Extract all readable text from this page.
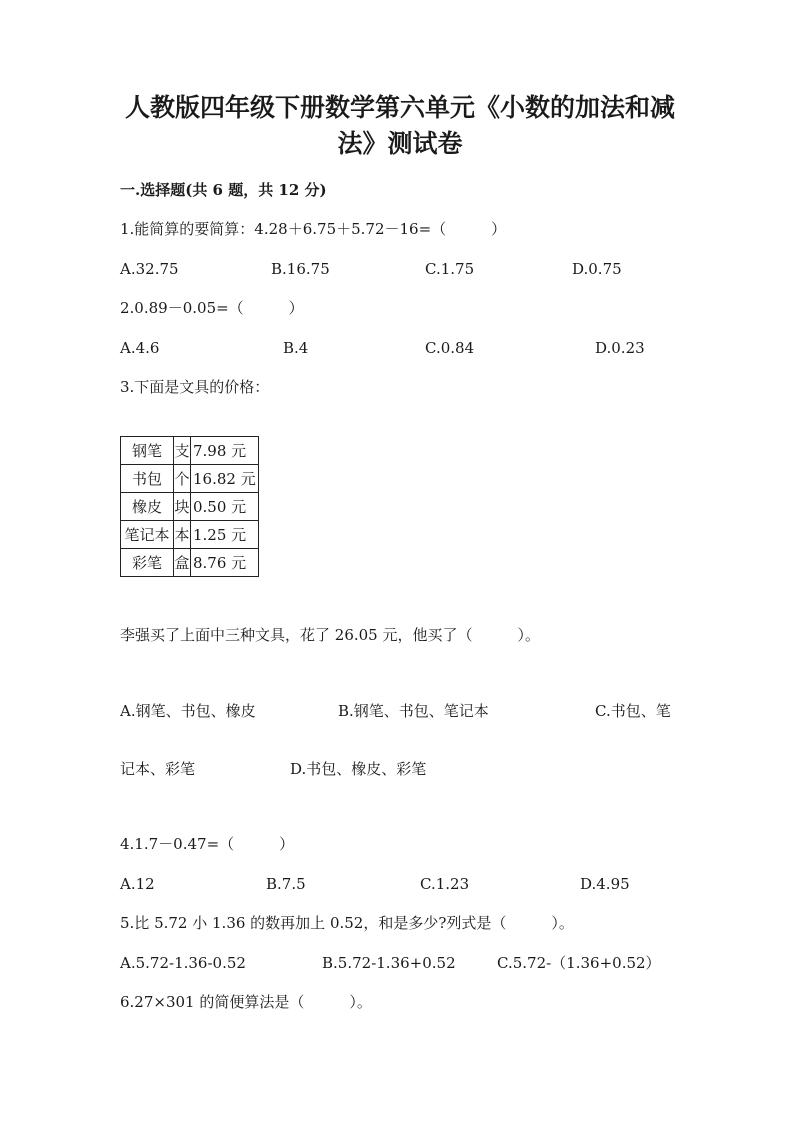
人教版四年级下册数学第六单元《小数的加法和减
法》测试卷
一.选择题(共 6 题，共 12 分)
1.能简算的要简算：4.28＋6.75＋5.72－16=（　　　）
A.32.75	B.16.75	C.1.75	D.0.75
2.0.89－0.05=（　　　）
A.4.6	B.4	C.0.84	D.0.23
3.下面是文具的价格：
钢笔	支	7.98 元
书包	个	16.82 元
橡皮	块	0.50 元
笔记本	本	1.25 元
彩笔	盒	8.76 元
李强买了上面中三种文具，花了 26.05 元，他买了（　　　）。
A.钢笔、书包、橡皮	B.钢笔、书包、笔记本	C.书包、笔
记本、彩笔	D.书包、橡皮、彩笔
4.1.7－0.47=（　　　）
A.12	B.7.5	C.1.23	D.4.95
5.比 5.72 小 1.36 的数再加上 0.52，和是多少?列式是（　　　）。
A.5.72-1.36-0.52	B.5.72-1.36+0.52	C.5.72-（1.36+0.52）
6.27×301 的简便算法是（　　　）。
